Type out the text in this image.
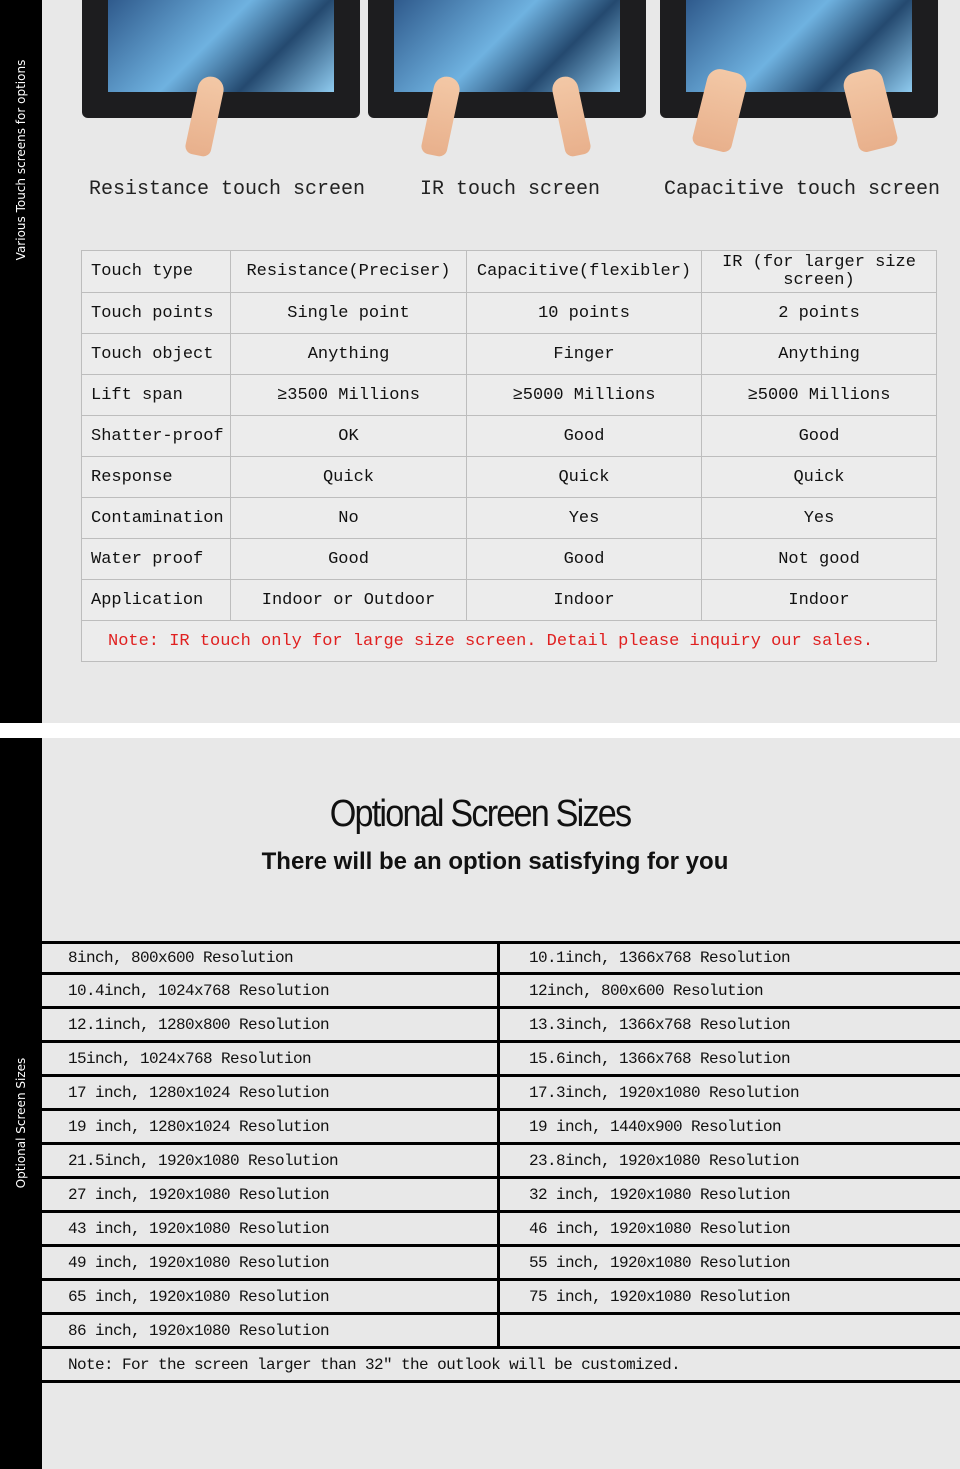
Various Touch screens for options	Resistance touch screen	IR touch screen	Capacitive touch screen
Touch type	Resistance(Preciser)	Capacitive(flexibler)	IR (for larger size screen)
Touch points	Single point	10 points	2 points
Touch object	Anything	Finger	Anything
Lift span	≥3500 Millions	≥5000 Millions	≥5000 Millions
Shatter-proof	OK	Good	Good
Response	Quick	Quick	Quick
Contamination	No	Yes	Yes
Water proof	Good	Good	Not good
Application	Indoor or Outdoor	Indoor	Indoor
Note: IR touch only for large size screen. Detail please inquiry our sales.			
Optional Screen Sizes
Optional Screen Sizes
There will be an option satisfying for you
8inch, 800x600 Resolution	10.1inch, 1366x768 Resolution
10.4inch, 1024x768 Resolution	12inch, 800x600 Resolution
12.1inch, 1280x800 Resolution	13.3inch, 1366x768 Resolution
15inch, 1024x768 Resolution	15.6inch, 1366x768 Resolution
17 inch, 1280x1024 Resolution	17.3inch, 1920x1080 Resolution
19 inch, 1280x1024 Resolution	19 inch, 1440x900 Resolution
21.5inch, 1920x1080 Resolution	23.8inch, 1920x1080 Resolution
27 inch, 1920x1080 Resolution	32 inch, 1920x1080 Resolution
43 inch, 1920x1080 Resolution	46 inch, 1920x1080 Resolution
49 inch, 1920x1080 Resolution	55 inch, 1920x1080 Resolution
65 inch, 1920x1080 Resolution	75 inch, 1920x1080 Resolution
86 inch, 1920x1080 Resolution
Note: For the screen larger than 32" the outlook will be customized.
